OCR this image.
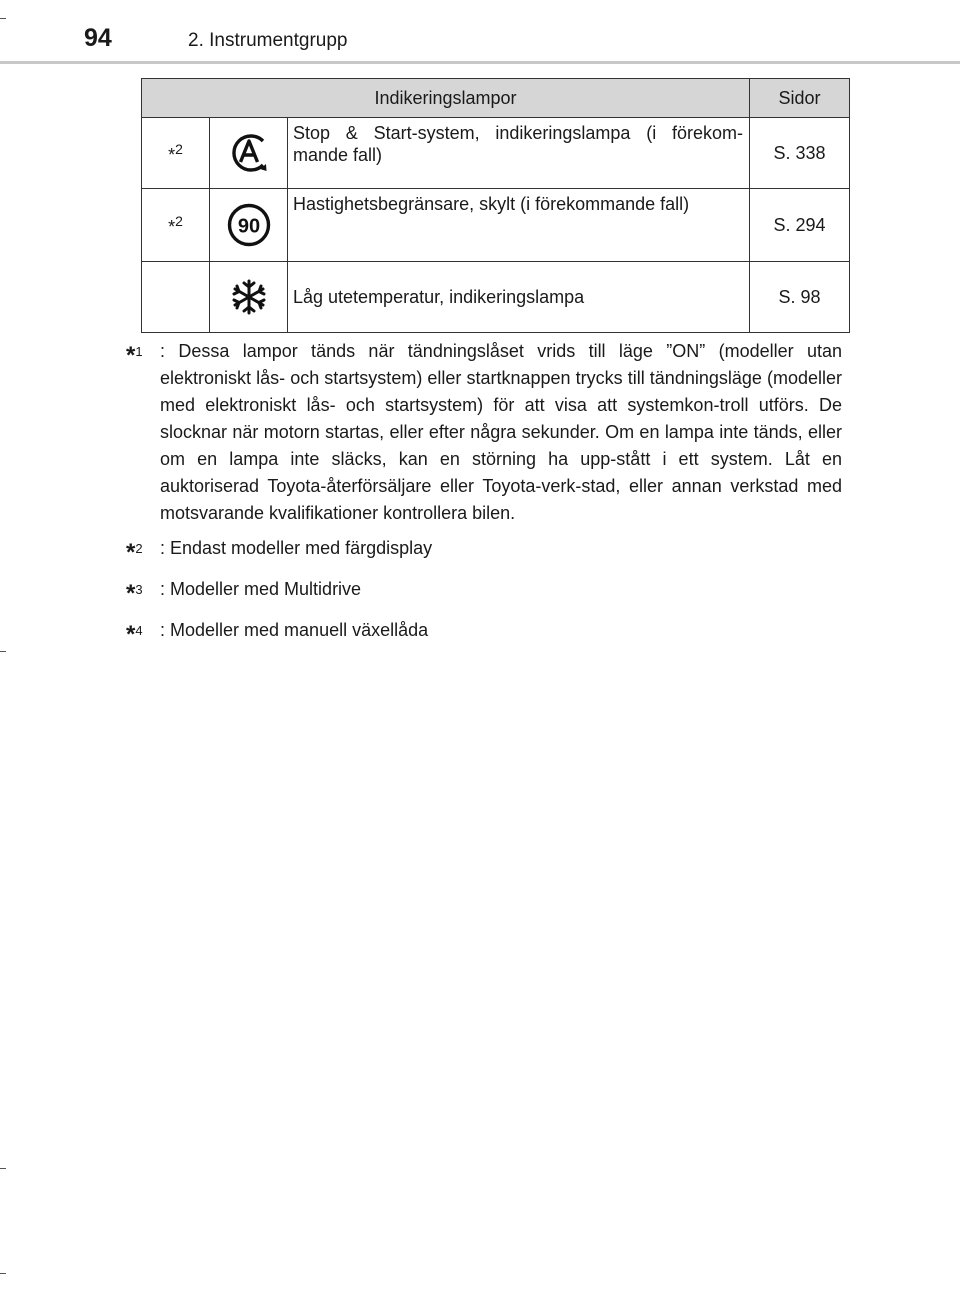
94	2. Instrumentgrupp
Indikeringslampor			Sidor
*$^2$		Stop & Start-system, indikeringslampa (i förekom-mande fall)	S. 338
*$^2$	90	Hastighetsbegränsare, skylt (i förekommande fall)	S. 294

	Låg utetemperatur, indikeringslampa	S. 98
*$^1$ : Dessa lampor tänds när tändningslåset vrids till läge ”ON” (modeller utan elektroniskt lås- och startsystem) eller startknappen trycks till tändningsläge (modeller med elektroniskt lås- och startsystem) för att visa att systemkon-troll utförs. De slocknar när motorn startas, eller efter några sekunder. Om en lampa inte tänds, eller om en lampa inte släcks, kan en störning ha upp-stått i ett system. Låt en auktoriserad Toyota-återförsäljare eller Toyota-verk-stad, eller annan verkstad med motsvarande kvalifikationer kontrollera bilen.
*$^2$ : Endast modeller med färgdisplay
*$^3$ : Modeller med Multidrive
*$^4$ : Modeller med manuell växellåda
